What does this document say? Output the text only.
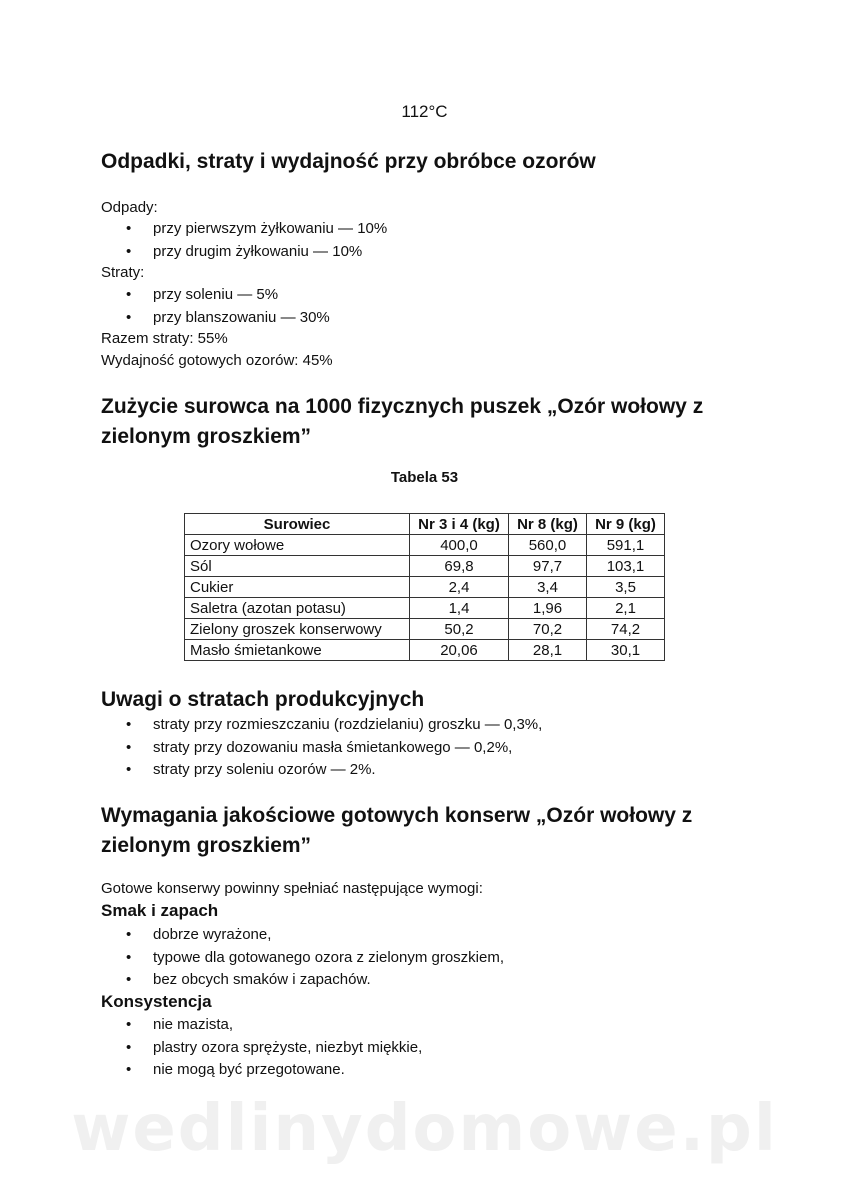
112°C
Odpadki, straty i wydajność przy obróbce ozorów
Odpady:
• przy pierwszym żyłkowaniu — 10%
• przy drugim żyłkowaniu — 10%
Straty:
• przy soleniu — 5%
• przy blanszowaniu — 30%
Razem straty: 55%
Wydajność gotowych ozorów: 45%
Zużycie surowca na 1000 fizycznych puszek „Ozór wołowy z
zielonym groszkiem”
Tabela 53
Surowiec	Nr 3 i 4 (kg)	Nr 8 (kg)	Nr 9 (kg)
Ozory wołowe	400,0	560,0	591,1
Sól	69,8	97,7	103,1
Cukier	2,4	3,4	3,5
Saletra (azotan potasu)	1,4	1,96	2,1
Zielony groszek konserwowy	50,2	70,2	74,2
Masło śmietankowe	20,06	28,1	30,1
Uwagi o stratach produkcyjnych
• straty przy rozmieszczaniu (rozdzielaniu) groszku — 0,3%,
• straty przy dozowaniu masła śmietankowego — 0,2%,
• straty przy soleniu ozorów — 2%.
Wymagania jakościowe gotowych konserw „Ozór wołowy z
zielonym groszkiem”
Gotowe konserwy powinny spełniać następujące wymogi:
Smak i zapach
• dobrze wyrażone,
• typowe dla gotowanego ozora z zielonym groszkiem,
• bez obcych smaków i zapachów.
Konsystencja
• nie mazista,
• plastry ozora sprężyste, niezbyt miękkie,
• nie mogą być przegotowane.
wedlinydomowe.pl
